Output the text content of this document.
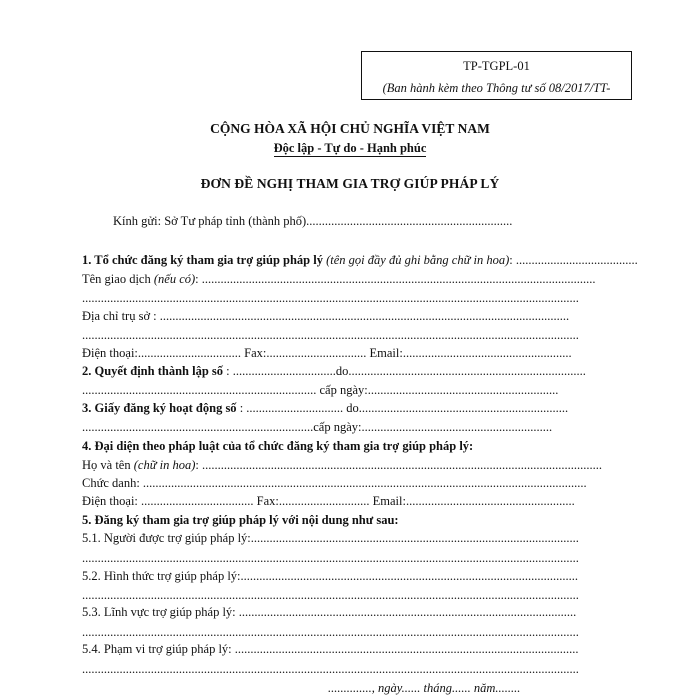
TP-TGPL-01
(Ban hành kèm theo Thông tư số 08/2017/TT-
CỘNG HÒA XÃ HỘI CHỦ NGHĨA VIỆT NAM
Độc lập - Tự do - Hạnh phúc
ĐƠN ĐỀ NGHỊ THAM GIA TRỢ GIÚP PHÁP LÝ
Kính gửi: Sở Tư pháp tỉnh (thành phố)..................................................................
1. Tổ chức đăng ký tham gia trợ giúp pháp lý (tên gọi đầy đủ ghi bằng chữ in hoa): .......................................
Tên giao dịch (nếu có): ..............................................................................................................................
...............................................................................................................................................................
Địa chỉ trụ sở : ...................................................................................................................................
...............................................................................................................................................................
Điện thoại:................................. Fax:................................ Email:......................................................
2. Quyết định thành lập số : .................................do............................................................................
........................................................................... cấp ngày:.............................................................
3. Giấy đăng ký hoạt động số : ............................... do...................................................................
..........................................................................cấp ngày:.............................................................
4. Đại diện theo pháp luật của tổ chức đăng ký tham gia trợ giúp pháp lý:
Họ và tên (chữ in hoa): ................................................................................................................................
Chức danh: ..............................................................................................................................................
Điện thoại: .................................... Fax:............................. Email:......................................................
5. Đăng ký tham gia trợ giúp pháp lý với nội dung như sau:
5.1. Người được trợ giúp pháp lý:.........................................................................................................
...............................................................................................................................................................
5.2. Hình thức trợ giúp pháp lý:............................................................................................................
...............................................................................................................................................................
5.3. Lĩnh vực trợ giúp pháp lý: ............................................................................................................
...............................................................................................................................................................
5.4. Phạm vi trợ giúp pháp lý: ..............................................................................................................
...............................................................................................................................................................
.............., ngày...... tháng...... năm........
